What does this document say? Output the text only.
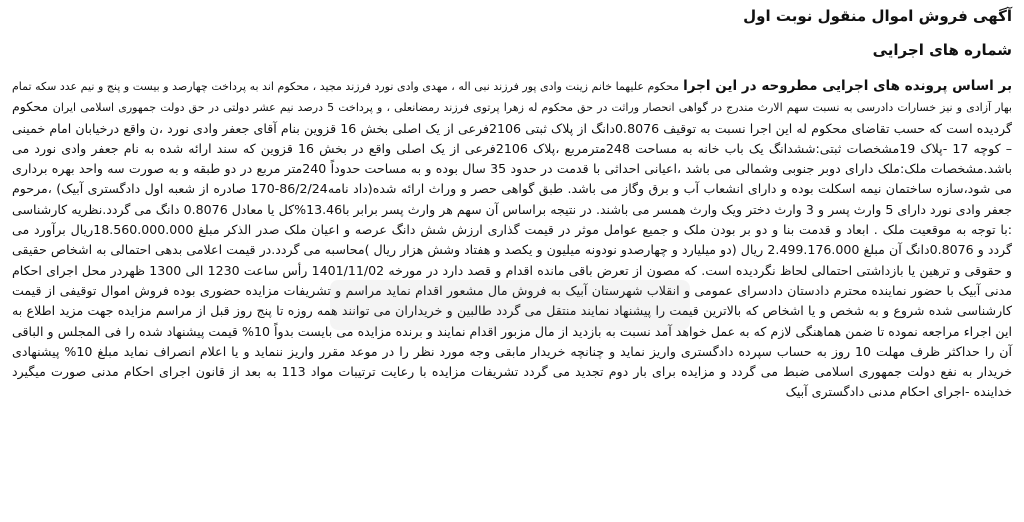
آگهی فروش اموال منقول نوبت اول
شماره های اجرایی

بر اساس پرونده های اجرایی مطروحه در این اجرا محکوم علیهما خانم زینت وادی پور فرزند نبی اله ، مهدی وادی نورد فرزند مجید ، محکوم اند به پرداخت چهارصد و بیست و پنج و نیم عدد سکه تمام بهار آزادی و نیز خسارات دادرسی به نسبت سهم الارث مندرج در گواهی انحصار وراثت در حق محکوم له زهرا پرتوی فرزند رمضانعلی ، و پرداخت 5 درصد نیم عشر دولتی در حق دولت جمهوری اسلامی ایران محکوم گردیده است که حسب تقاضای محکوم له این اجرا نسبت به توقیف 0.8076دانگ از پلاک ثبتی 2106فرعی از یک اصلی بخش 16 قزوین بنام آقای جعفر وادی نورد ،ن واقع درخیابان امام خمینی – کوچه 17 -پلاک 19مشخصات ثبتی:ششدانگ یک باب خانه به مساحت 248مترمربع ،پلاک 2106فرعی از یک اصلی واقع در بخش 16 قزوین که سند ارائه شده به نام جعفر وادی نورد می باشد.مشخصات ملک:ملک دارای دوبر جنوبی وشمالی می باشد ،اعیانی احداثی با قدمت در حدود 35 سال بوده و به مساحت حدوداً 240متر مربع در دو طبقه و به صورت سه واحد بهره برداری می شود،سازه ساختمان نیمه اسکلت بوده و دارای انشعاب آب و برق وگاز می باشد. طبق گواهی حصر و وراث ارائه شده(داد نامه86/2/24-170 صادره از شعبه اول دادگستری آبیک) ،مرحوم جعفر وادی نورد دارای 5 وارث پسر و 3 وارث دختر ویک وارث همسر می باشند. در نتیجه براساس آن سهم هر وارث پسر برابر با13.46%کل یا معادل 0.8076 دانگ می گردد.نظریه کارشناسی :با توجه به موقعیت ملک . ابعاد و قدمت بنا و دو بر بودن ملک و جمیع عوامل موثر در قیمت گذاری ارزش شش دانگ عرصه و اعیان ملک صدر الذکر مبلغ 18.560.000.000ریال برآورد می گردد و 0.8076دانگ آن مبلغ 2.499.176.000 ریال (دو میلیارد و چهارصدو نودونه میلیون و یکصد و هفتاد وشش هزار ریال )محاسبه می گردد.در قیمت اعلامی بدهی احتمالی به اشخاص حقیقی و حقوقی و ترهین یا بازداشتی احتمالی لحاظ نگردیده است. که مصون از تعرض باقی مانده اقدام و قصد دارد در مورخه 1401/11/02 رأس ساعت 1230 الی 1300 ظهردر محل اجرای احکام مدنی آبیک با حضور نماینده محترم دادستان دادسرای عمومی و انقلاب شهرستان آبیک به فروش مال مشعور اقدام نماید مراسم و تشریفات مزایده حضوری بوده فروش اموال توقیفی از قیمت کارشناسی شده شروع و به شخص و یا اشخاص که بالاترین قیمت را پیشنهاد نمایند منتقل می گردد طالبین و خریداران می توانند همه روزه تا پنج روز قبل از مراسم مزایده جهت مزید اطلاع به این اجراء مراجعه نموده تا ضمن هماهنگی لازم که به عمل خواهد آمد نسبت به بازدید از مال مزبور اقدام نمایند و برنده مزایده می بایست بدواً 10% قیمت پیشنهاد شده را فی المجلس و الباقی آن را حداکثر ظرف مهلت 10 روز به حساب سپرده دادگستری واریز نماید و چنانچه خریدار مابقی وجه مورد نظر را در موعد مقرر واریز ننماید و یا اعلام انصراف نماید مبلغ 10% پیشنهادی خریدار به نفع دولت جمهوری اسلامی ضبط می گردد و مزایده برای بار دوم تجدید می گردد تشریفات مزایده با رعایت ترتیبات مواد 113 به بعد از قانون اجرای احکام مدنی صورت میگیرد خداینده -اجرای احکام مدنی دادگستری آبیک
